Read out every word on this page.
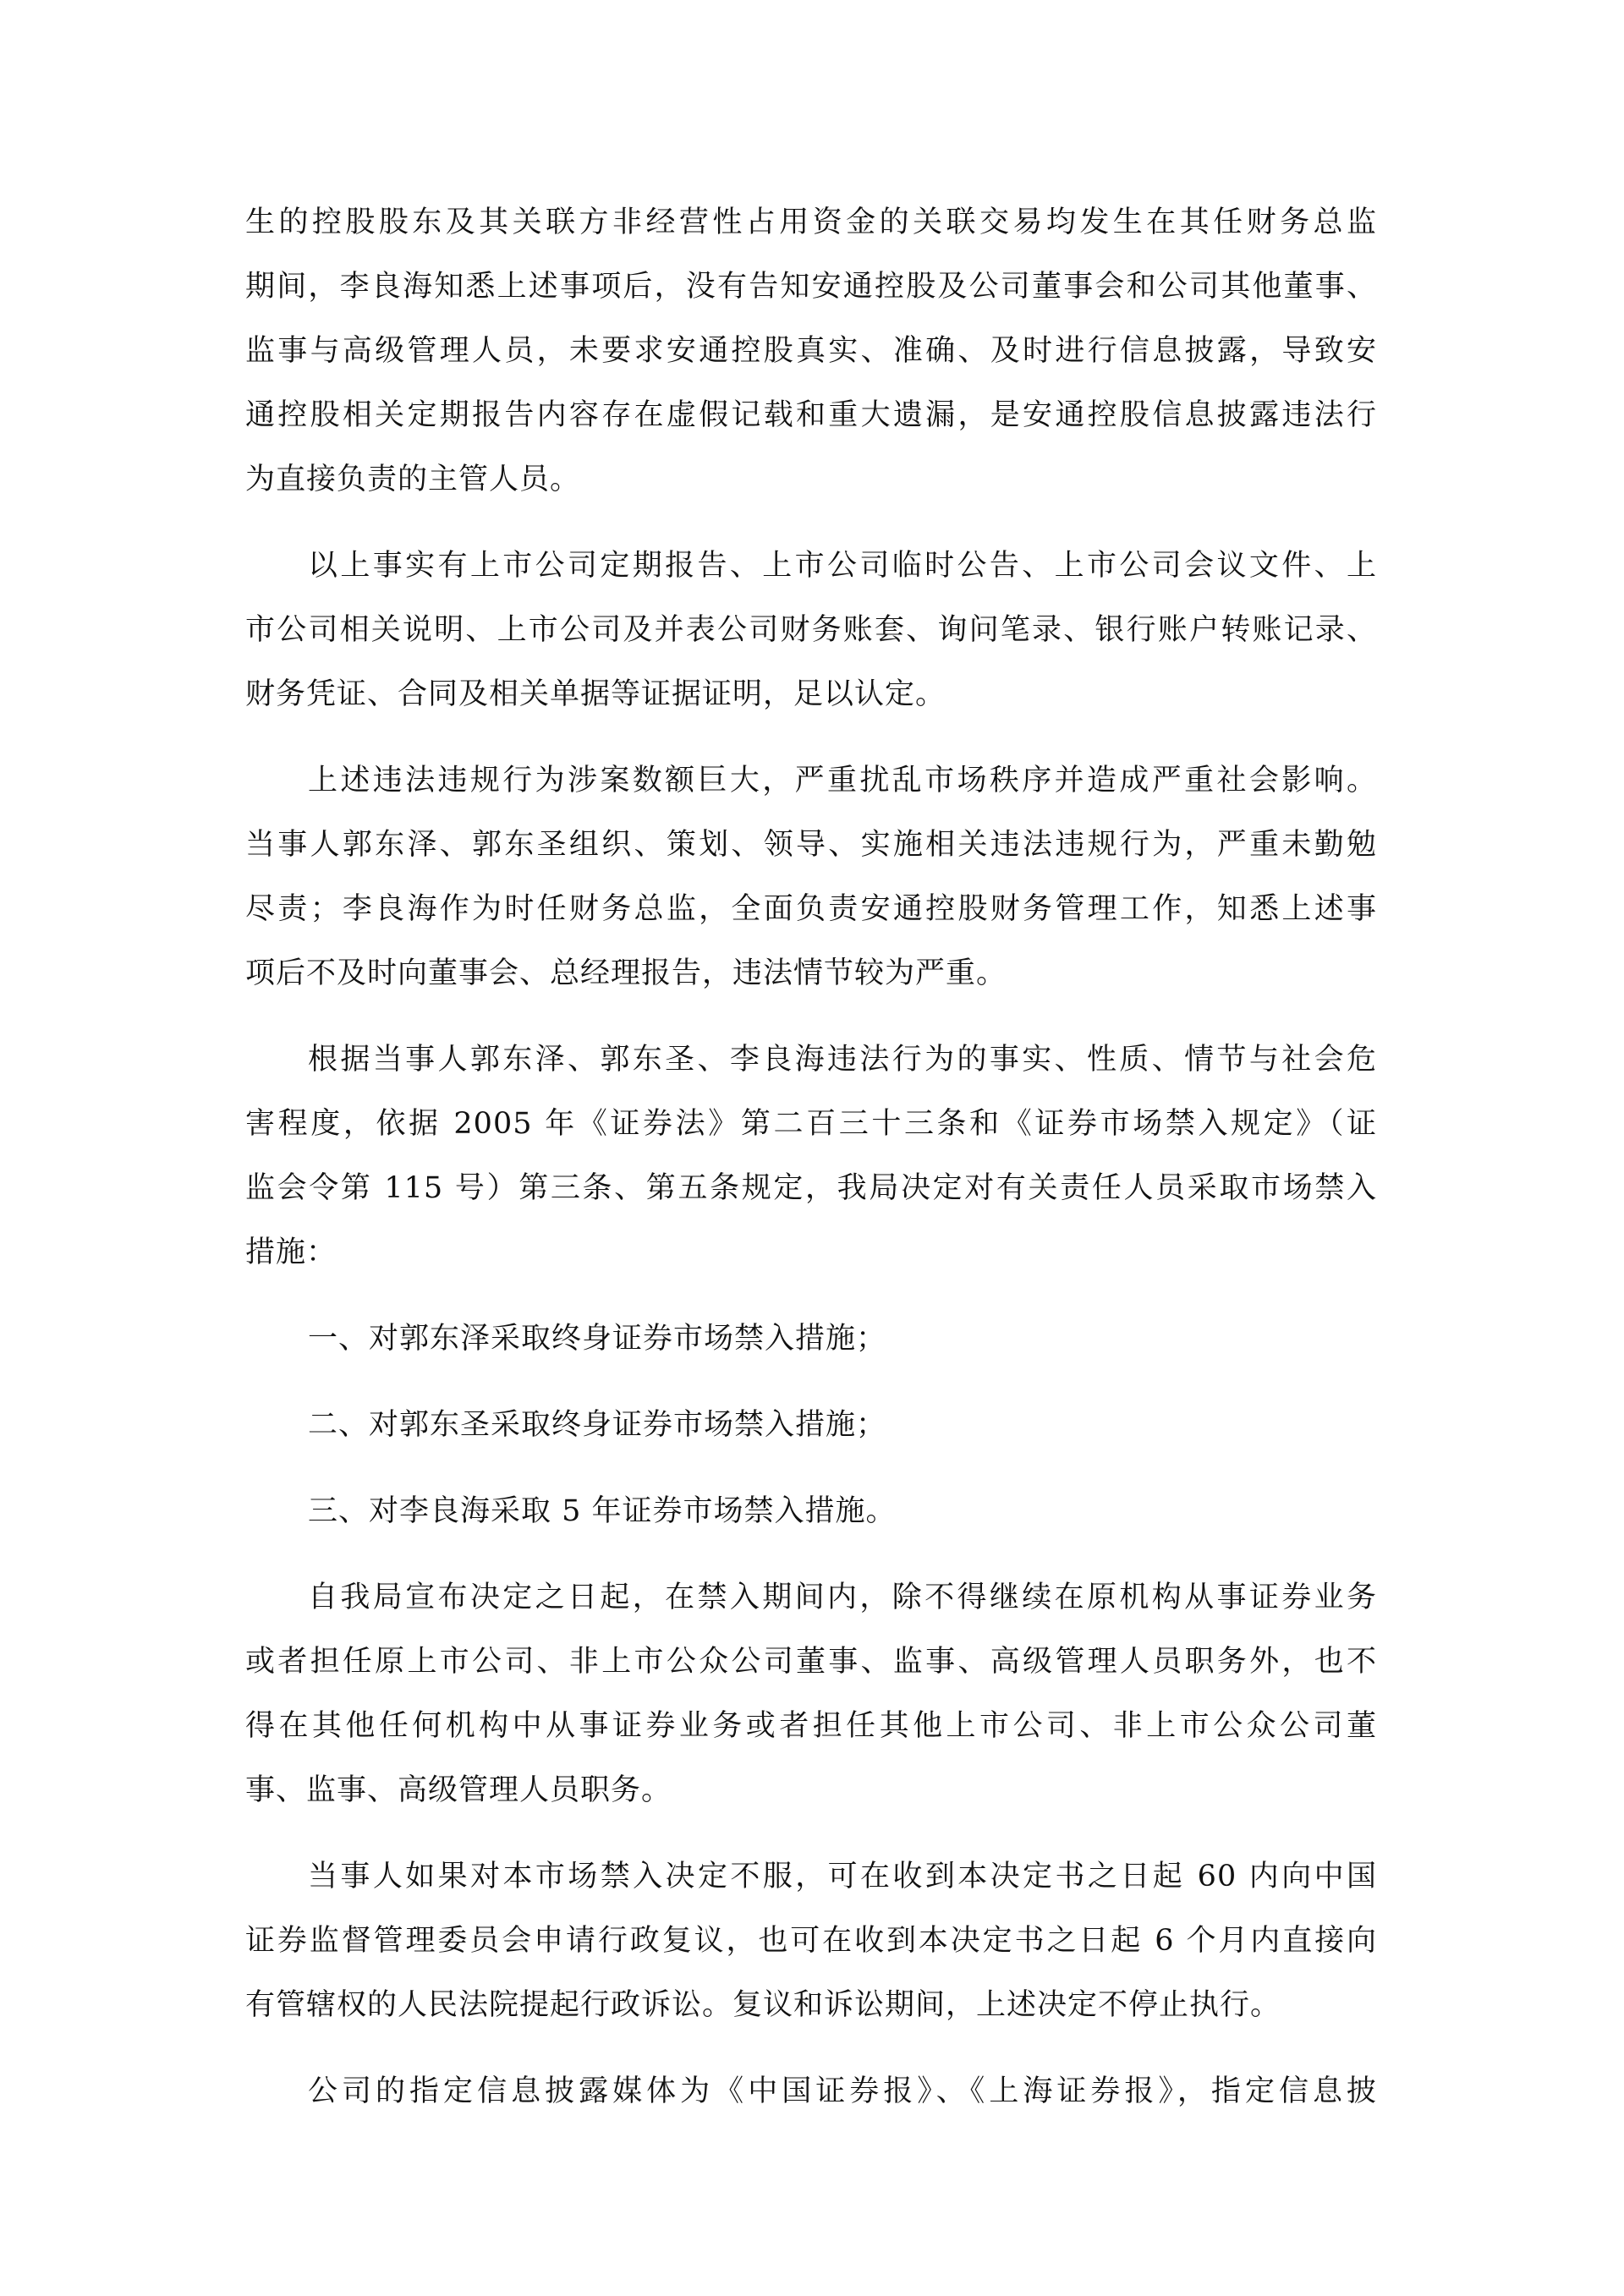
生的控股股东及其关联方非经营性占用资金的关联交易均发生在其任财务总监
期间，李良海知悉上述事项后，没有告知安通控股及公司董事会和公司其他董事、
监事与高级管理人员，未要求安通控股真实、准确、及时进行信息披露，导致安
通控股相关定期报告内容存在虚假记载和重大遗漏，是安通控股信息披露违法行
为直接负责的主管人员。
以上事实有上市公司定期报告、上市公司临时公告、上市公司会议文件、上
市公司相关说明、上市公司及并表公司财务账套、询问笔录、银行账户转账记录、
财务凭证、合同及相关单据等证据证明，足以认定。
上述违法违规行为涉案数额巨大，严重扰乱市场秩序并造成严重社会影响。
当事人郭东泽、郭东圣组织、策划、领导、实施相关违法违规行为，严重未勤勉
尽责；李良海作为时任财务总监，全面负责安通控股财务管理工作，知悉上述事
项后不及时向董事会、总经理报告，违法情节较为严重。
根据当事人郭东泽、郭东圣、李良海违法行为的事实、性质、情节与社会危
害程度，依据 2005 年《证券法》第二百三十三条和《证券市场禁入规定》（证
监会令第 115 号）第三条、第五条规定，我局决定对有关责任人员采取市场禁入
措施：
一、对郭东泽采取终身证券市场禁入措施；
二、对郭东圣采取终身证券市场禁入措施；
三、对李良海采取 5 年证券市场禁入措施。
自我局宣布决定之日起，在禁入期间内，除不得继续在原机构从事证券业务
或者担任原上市公司、非上市公众公司董事、监事、高级管理人员职务外，也不
得在其他任何机构中从事证券业务或者担任其他上市公司、非上市公众公司董
事、监事、高级管理人员职务。
当事人如果对本市场禁入决定不服，可在收到本决定书之日起 60 内向中国
证券监督管理委员会申请行政复议，也可在收到本决定书之日起 6 个月内直接向
有管辖权的人民法院提起行政诉讼。复议和诉讼期间，上述决定不停止执行。
公司的指定信息披露媒体为《中国证券报》、《上海证券报》，指定信息披
